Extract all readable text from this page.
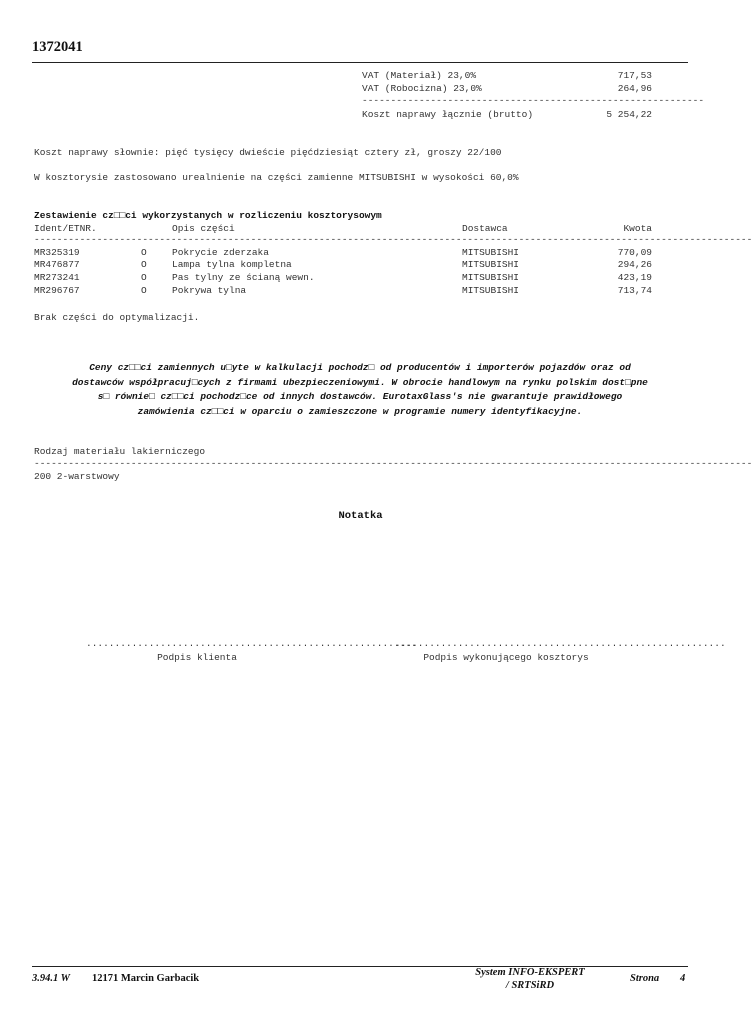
1372041
VAT (Materiał) 23,0%	717,53
VAT (Robocizna) 23,0%	264,96
------------------------------------------------------------
Koszt naprawy łącznie (brutto)	5 254,22
Koszt naprawy słownie: pięć tysięcy dwieście pięćdziesiąt cztery zł, groszy 22/100
W kosztorysie zastosowano urealnienie na części zamienne MITSUBISHI w wysokości 60,0%
Zestawienie cz□□ci wykorzystanych w rozliczeniu kosztorysowym
Ident/ETNR.	Opis części	Dostawca	Kwota
------------------------------------------------------------------------------------------------------------------------------
MR325319	O	Pokrycie zderzaka	MITSUBISHI	770,09
MR476877	O	Lampa tylna kompletna	MITSUBISHI	294,26
MR273241	O	Pas tylny ze ścianą wewn.	MITSUBISHI	423,19
MR296767	O	Pokrywa tylna	MITSUBISHI	713,74
Brak części do optymalizacji.
Ceny cz□□ci zamiennych u□yte w kalkulacji pochodz□ od producentów i importerów pojazdów oraz od
dostawców współpracuj□cych z firmami ubezpieczeniowymi. W obrocie handlowym na rynku polskim dost□pne
s□ równie□ cz□□ci pochodz□ce od innych dostawców. EurotaxGlass's nie gwarantuje prawidłowego
zamówienia cz□□ci w oparciu o zamieszczone w programie numery identyfikacyjne.
Rodzaj materiału lakierniczego
------------------------------------------------------------------------------------------------------------------------------
200 2-warstwowy
Notatka
..........................................................
Podpis klienta
..........................................................
Podpis wykonującego kosztorys
3.94.1 W 12171 Marcin Garbacik
System INFO-EKSPERT
/ SRTSiRD
Strona 4
